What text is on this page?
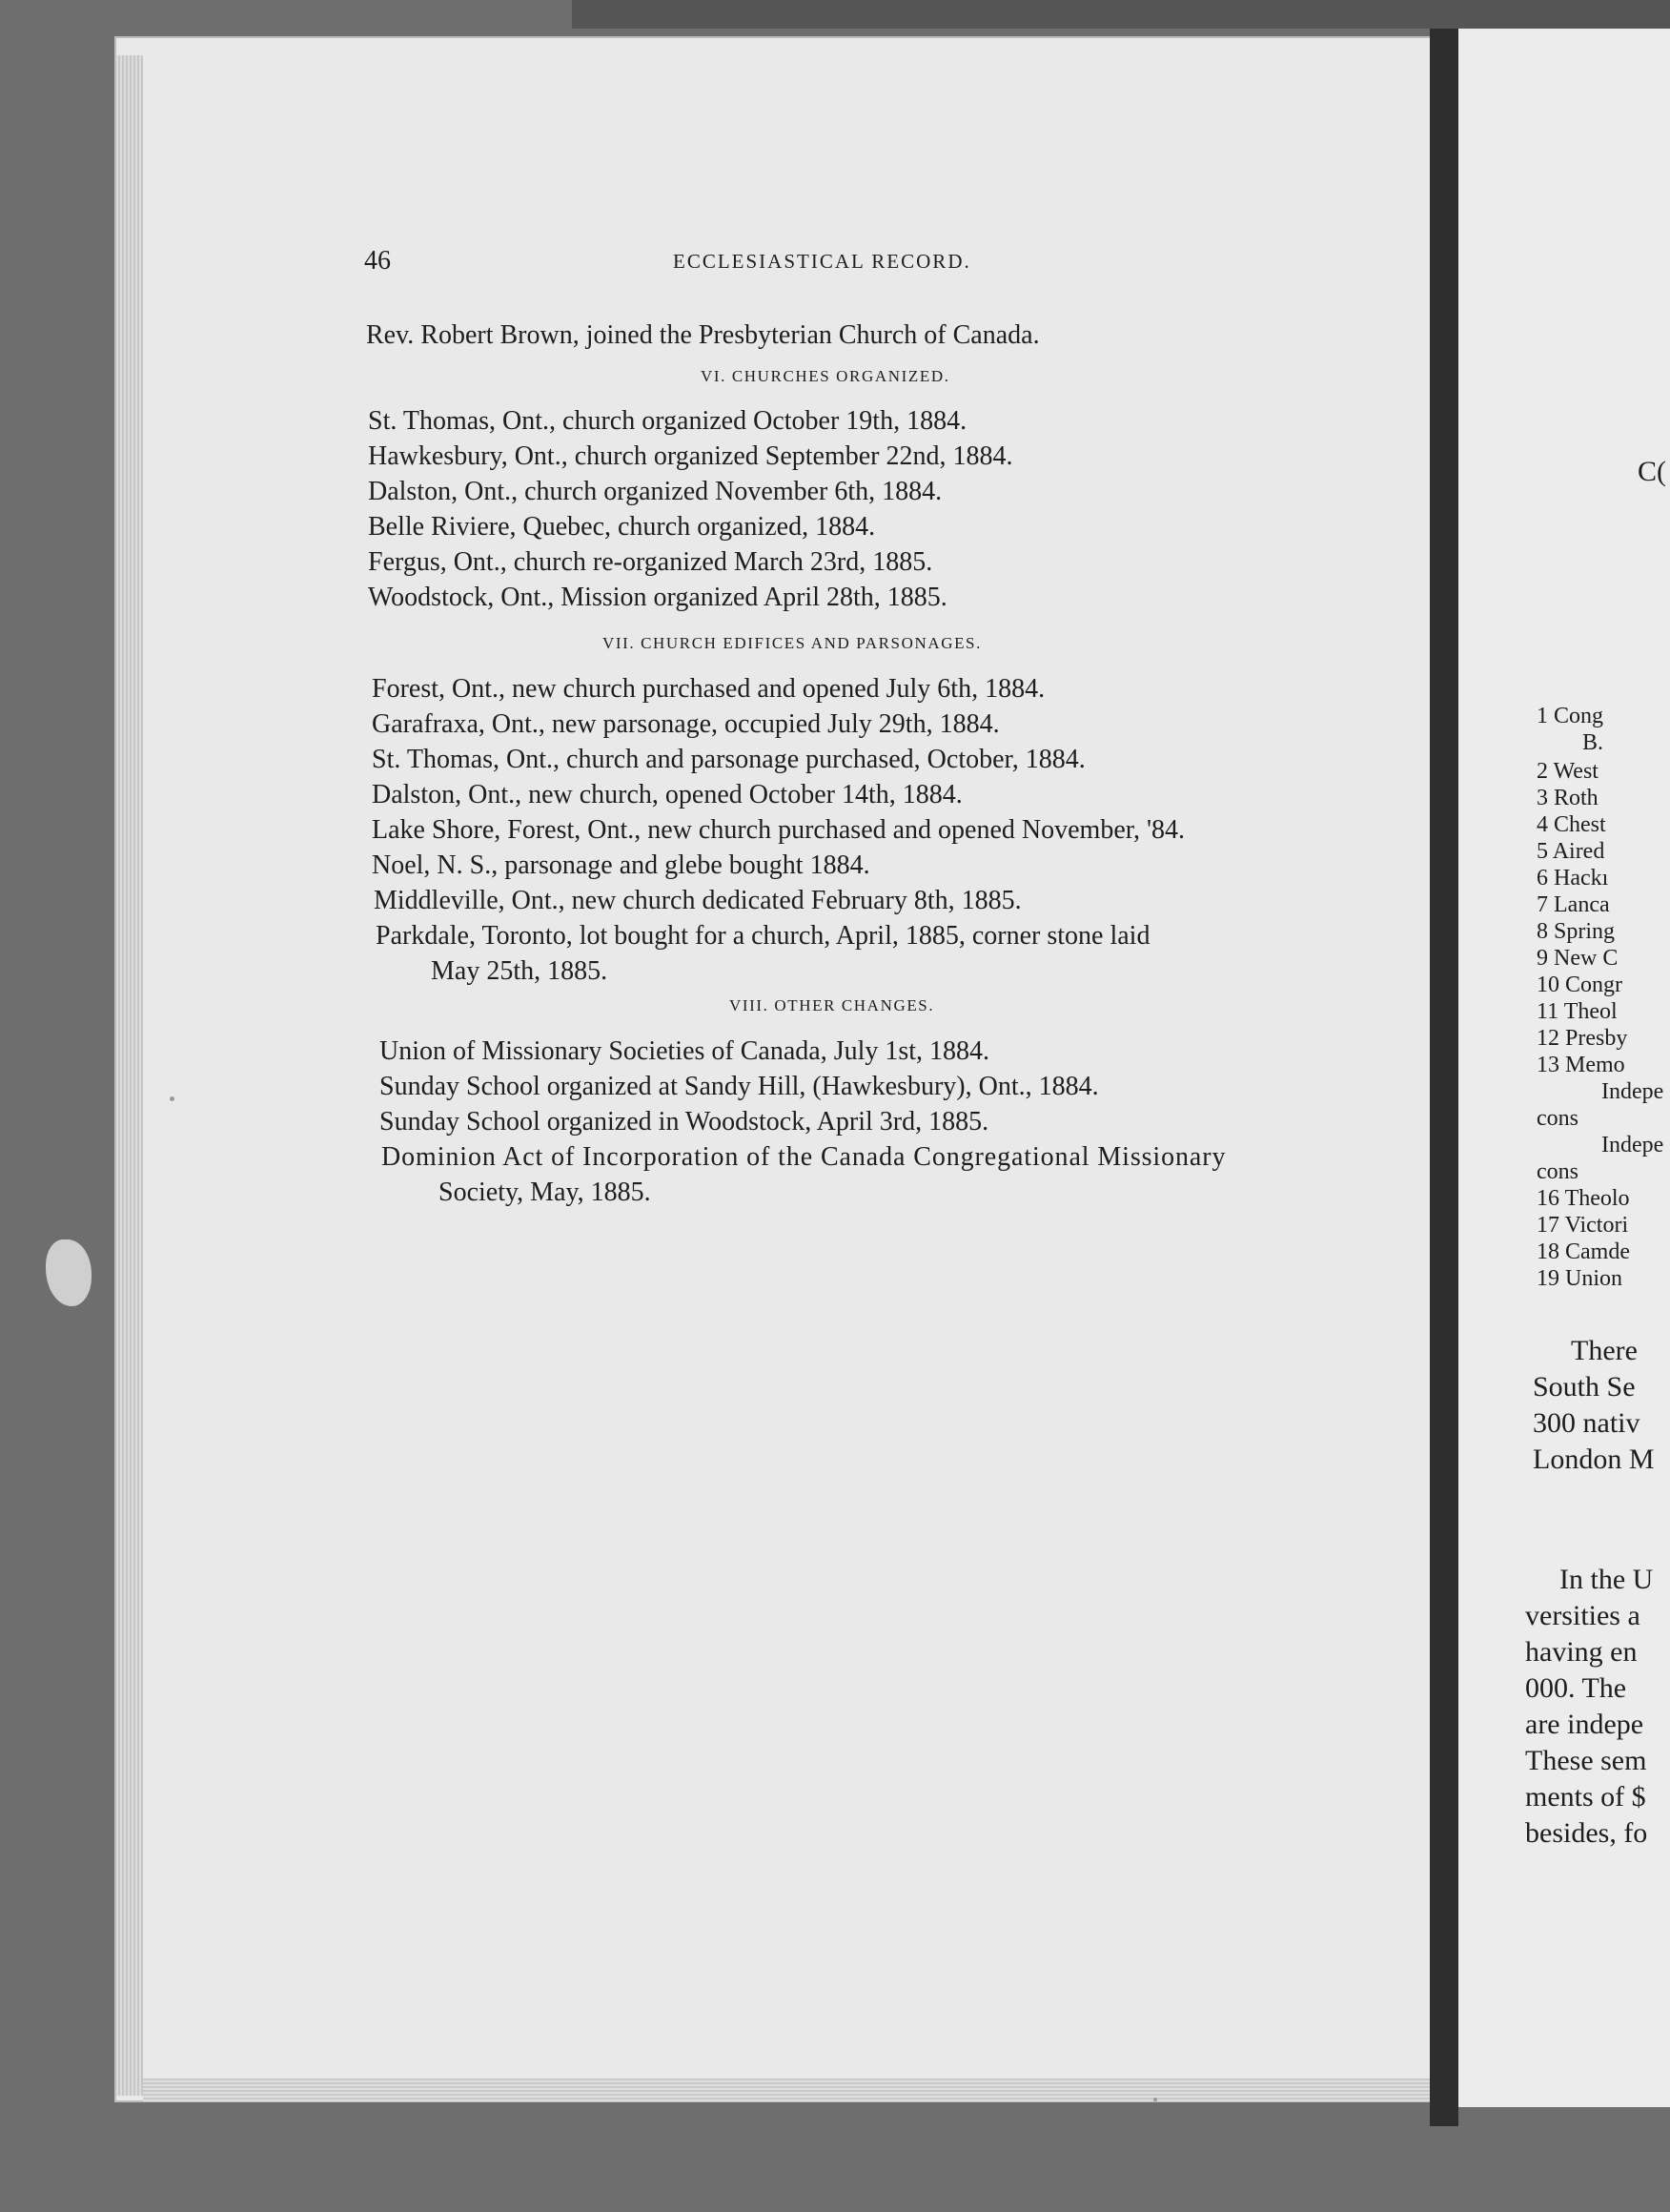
46	ECCLESIASTICAL RECORD.
Rev. Robert Brown, joined the Presbyterian Church of Canada.
VI. CHURCHES ORGANIZED.
St. Thomas, Ont., church organized October 19th, 1884.
Hawkesbury, Ont., church organized September 22nd, 1884.
Dalston, Ont., church organized November 6th, 1884.
Belle Riviere, Quebec, church organized, 1884.
Fergus, Ont., church re-organized March 23rd, 1885.
Woodstock, Ont., Mission organized April 28th, 1885.
VII. CHURCH EDIFICES AND PARSONAGES.
Forest, Ont., new church purchased and opened July 6th, 1884.
Garafraxa, Ont., new parsonage, occupied July 29th, 1884.
St. Thomas, Ont., church and parsonage purchased, October, 1884.
Dalston, Ont., new church, opened October 14th, 1884.
Lake Shore, Forest, Ont., new church purchased and opened November, '84.
Noel, N. S., parsonage and glebe bought 1884.
Middleville, Ont., new church dedicated February 8th, 1885.
Parkdale, Toronto, lot bought for a church, April, 1885, corner stone laid
May 25th, 1885.
VIII. OTHER CHANGES.
Union of Missionary Societies of Canada, July 1st, 1884.
Sunday School organized at Sandy Hill, (Hawkesbury), Ont., 1884.
Sunday School organized in Woodstock, April 3rd, 1885.
Dominion Act of Incorporation of the Canada Congregational Missionary
Society, May, 1885.
C(
1 Cong
B.
2 West
3 Roth
4 Chest
5 Aired
6 Hackı
7 Lanca
8 Spring
9 New C
10 Congr
11 Theol
12 Presby
13 Memo
Indepe
cons
Indepe
cons
16 Theolo
17 Victori
18 Camde
19 Union
There
South Se
300 nativ
London M
In the U
versities a
having en
000. The
are indepe
These sem
ments of $
besides, fo
